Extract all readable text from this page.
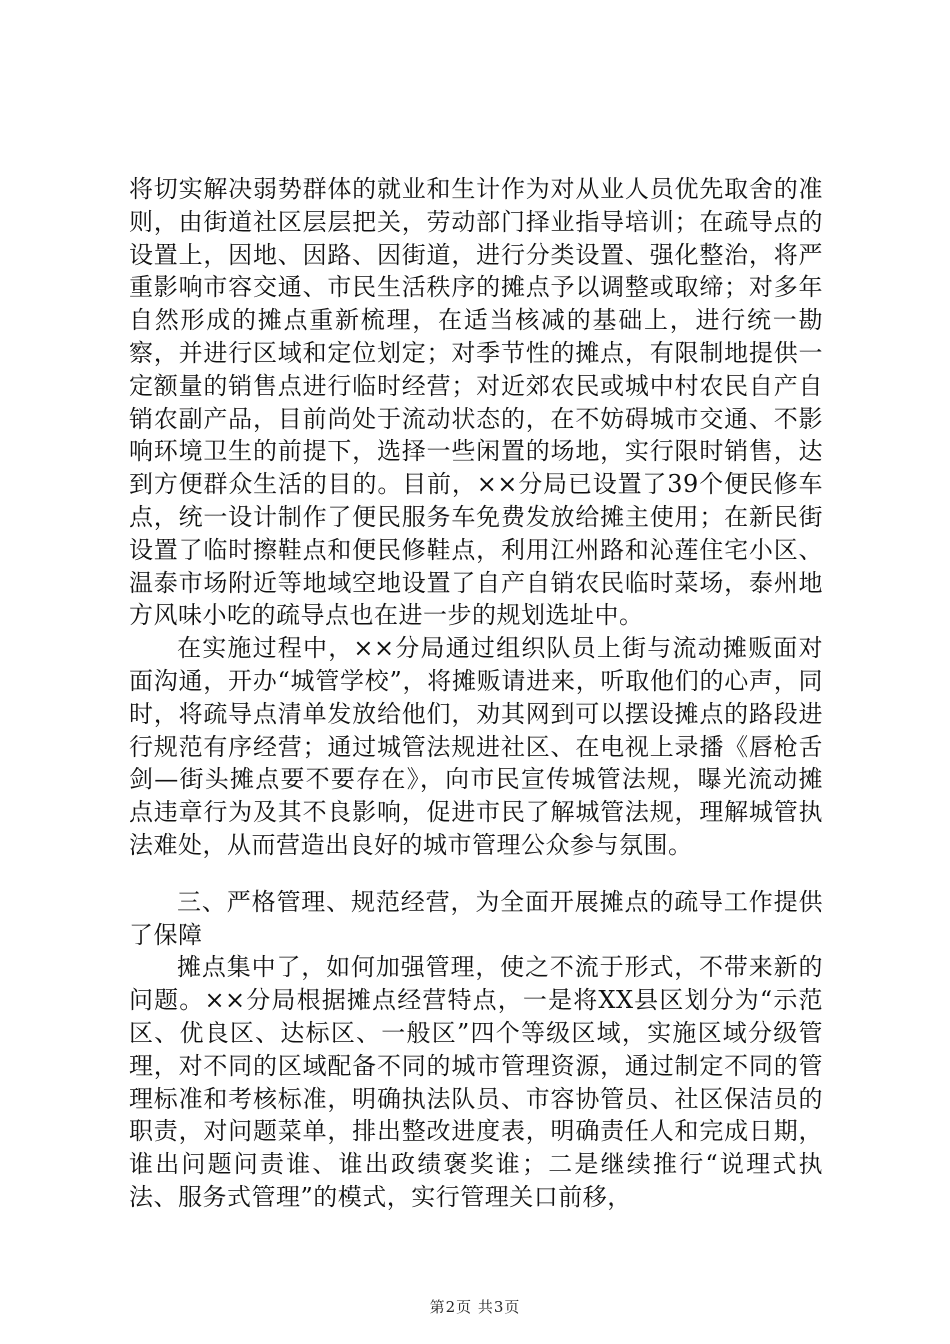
将切实解决弱势群体的就业和生计作为对从业人员优先取舍的准则，由街道社区层层把关，劳动部门择业指导培训；在疏导点的设置上，因地、因路、因街道，进行分类设置、强化整治，将严重影响市容交通、市民生活秩序的摊点予以调整或取缔；对多年自然形成的摊点重新梳理，在适当核减的基础上，进行统一勘察，并进行区域和定位划定；对季节性的摊点，有限制地提供一定额量的销售点进行临时经营；对近郊农民或城中村农民自产自销农副产品，目前尚处于流动状态的，在不妨碍城市交通、不影响环境卫生的前提下，选择一些闲置的场地，实行限时销售，达到方便群众生活的目的。目前，××分局已设置了39个便民修车点，统一设计制作了便民服务车免费发放给摊主使用；在新民街设置了临时擦鞋点和便民修鞋点，利用江州路和沁莲住宅小区、温泰市场附近等地域空地设置了自产自销农民临时菜场，泰州地方风味小吃的疏导点也在进一步的规划选址中。

在实施过程中，××分局通过组织队员上街与流动摊贩面对面沟通，开办“城管学校”，将摊贩请进来，听取他们的心声，同时，将疏导点清单发放给他们，劝其网到可以摆设摊点的路段进行规范有序经营；通过城管法规进社区、在电视上录播《唇枪舌剑—街头摊点要不要存在》，向市民宣传城管法规，曝光流动摊点违章行为及其不良影响，促进市民了解城管法规，理解城管执法难处，从而营造出良好的城市管理公众参与氛围。

三、严格管理、规范经营，为全面开展摊点的疏导工作提供了保障

摊点集中了，如何加强管理，使之不流于形式，不带来新的问题。××分局根据摊点经营特点，一是将XX县区划分为“示范区、优良区、达标区、一般区”四个等级区域，实施区域分级管理，对不同的区域配备不同的城市管理资源，通过制定不同的管理标准和考核标准，明确执法队员、市容协管员、社区保洁员的职责，对问题菜单，排出整改进度表，明确责任人和完成日期，谁出问题问责谁、谁出政绩褒奖谁；二是继续推行“说理式执法、服务式管理”的模式，实行管理关口前移，

第2页 共3页
